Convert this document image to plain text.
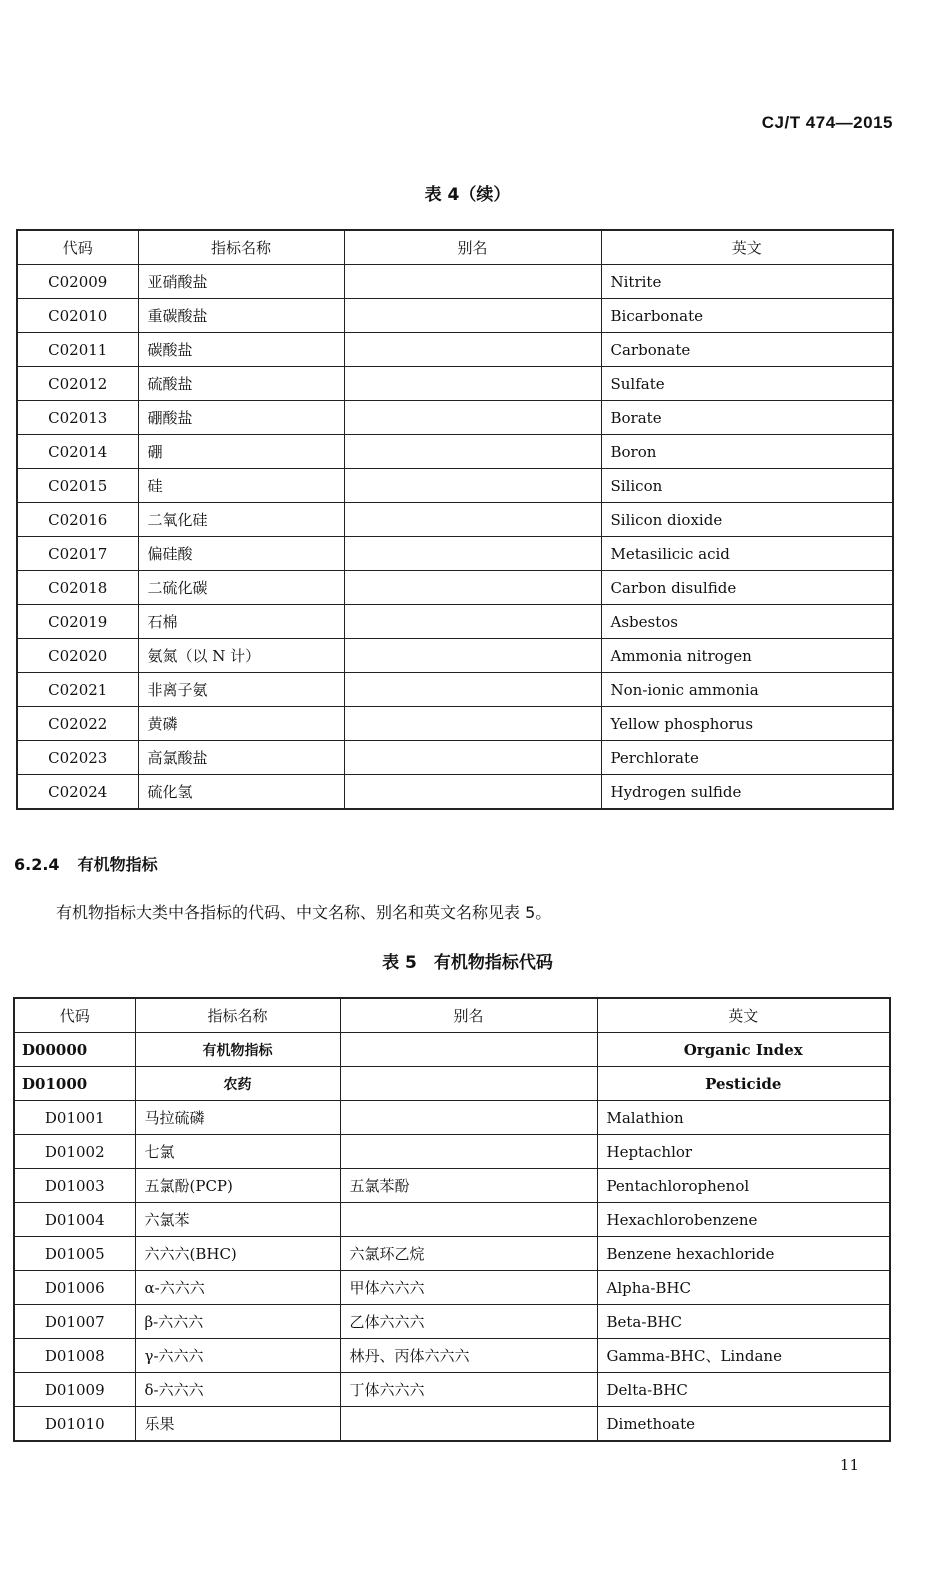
CJ/T 474—2015
表 4（续）
代码	指标名称	别名	英文
C02009	亚硝酸盐		Nitrite
C02010	重碳酸盐		Bicarbonate
C02011	碳酸盐		Carbonate
C02012	硫酸盐		Sulfate
C02013	硼酸盐		Borate
C02014	硼		Boron
C02015	硅		Silicon
C02016	二氧化硅		Silicon dioxide
C02017	偏硅酸		Metasilicic acid
C02018	二硫化碳		Carbon disulfide
C02019	石棉		Asbestos
C02020	氨氮（以 N 计）		Ammonia nitrogen
C02021	非离子氨		Non-ionic ammonia
C02022	黄磷		Yellow phosphorus
C02023	高氯酸盐		Perchlorate
C02024	硫化氢		Hydrogen sulfide
6.2.4 有机物指标
有机物指标大类中各指标的代码、中文名称、别名和英文名称见表 5。
表 5　有机物指标代码
代码	指标名称	别名	英文
D00000	有机物指标		Organic Index
D01000	农药		Pesticide
D01001	马拉硫磷		Malathion
D01002	七氯		Heptachlor
D01003	五氯酚(PCP)	五氯苯酚	Pentachlorophenol
D01004	六氯苯		Hexachlorobenzene
D01005	六六六(BHC)	六氯环乙烷	Benzene hexachloride
D01006	α-六六六	甲体六六六	Alpha-BHC
D01007	β-六六六	乙体六六六	Beta-BHC
D01008	γ-六六六	林丹、丙体六六六	Gamma-BHC、Lindane
D01009	δ-六六六	丁体六六六	Delta-BHC
D01010	乐果		Dimethoate
11
